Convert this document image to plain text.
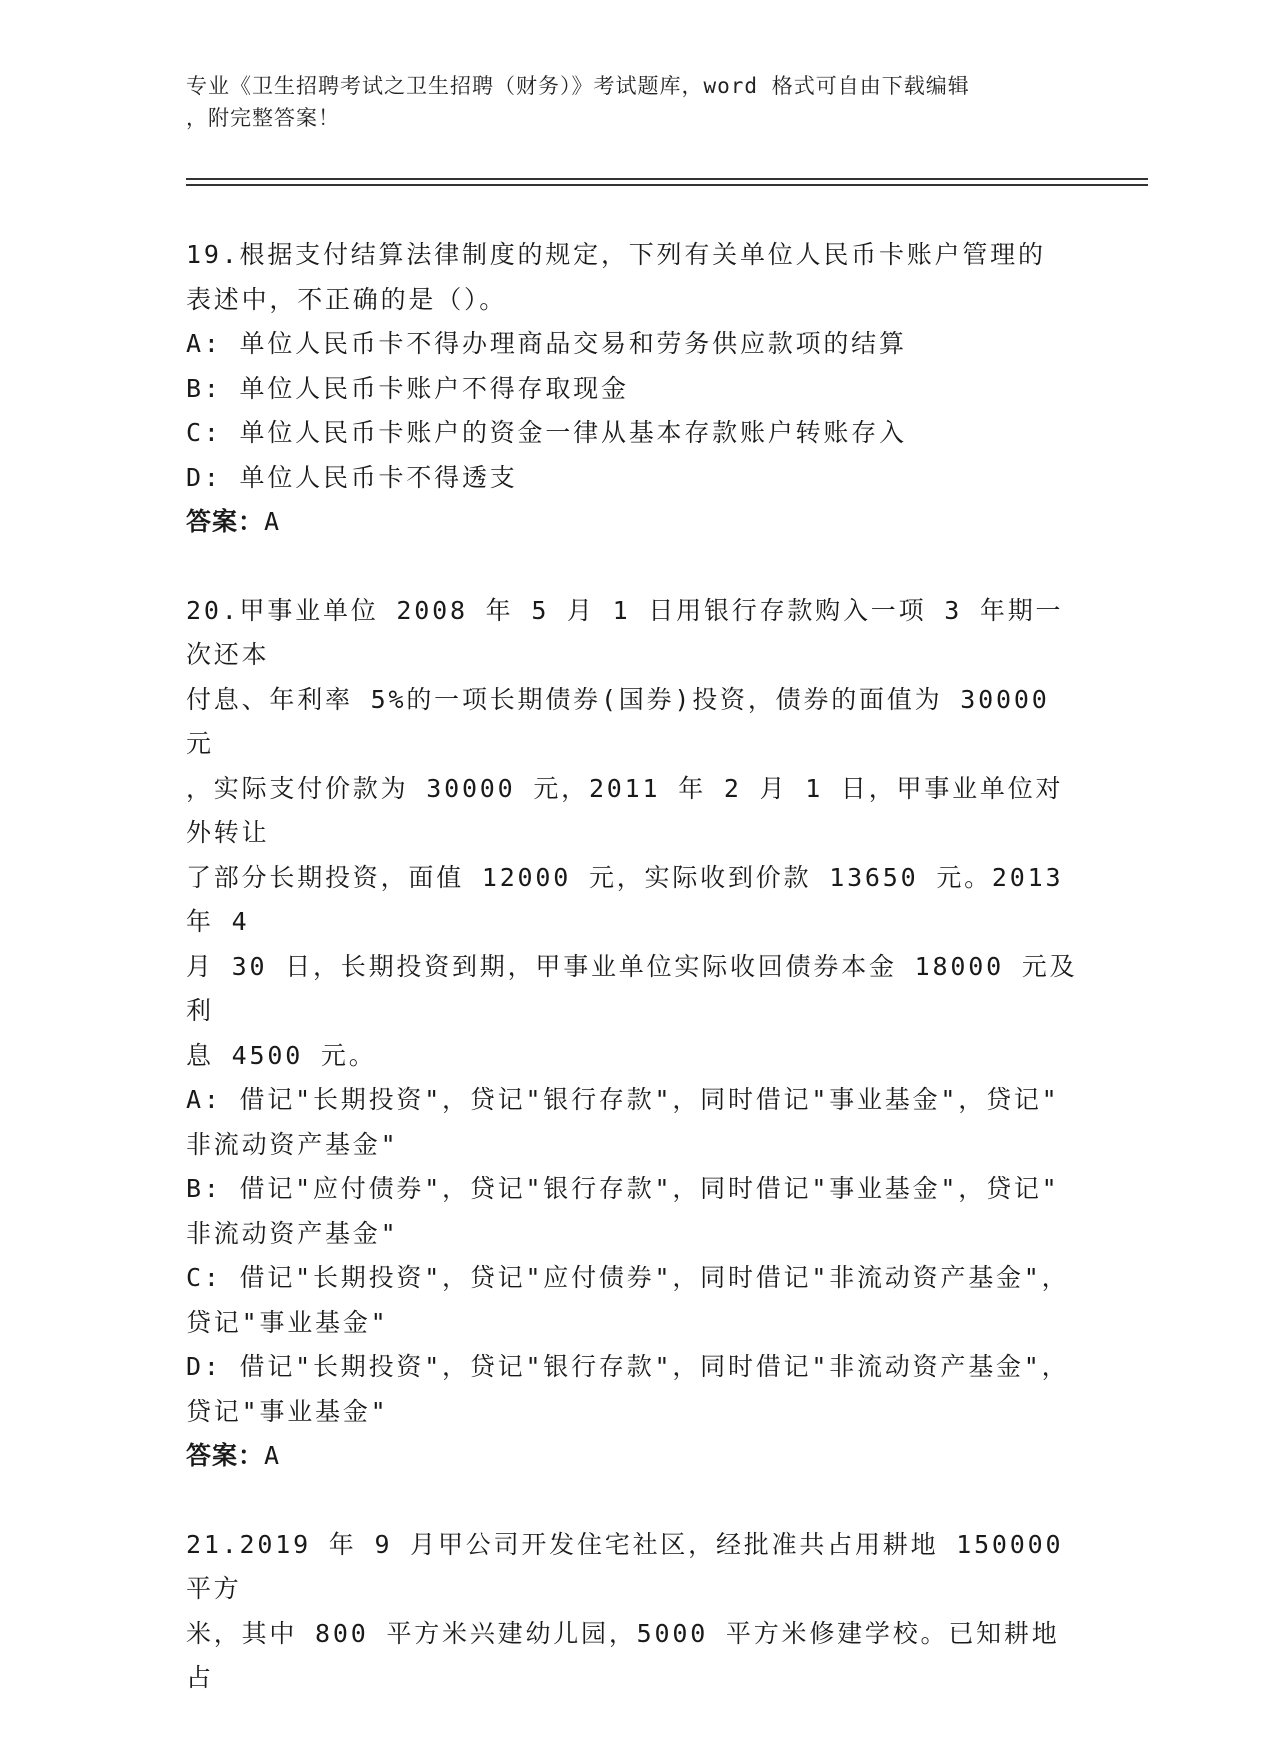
专业《卫生招聘考试之卫生招聘（财务）》考试题库，word 格式可自由下载编辑
，附完整答案！
19.根据支付结算法律制度的规定，下列有关单位人民币卡账户管理的
表述中，不正确的是（）。
A: 单位人民币卡不得办理商品交易和劳务供应款项的结算
B: 单位人民币卡账户不得存取现金
C: 单位人民币卡账户的资金一律从基本存款账户转账存入
D: 单位人民币卡不得透支
答案：A
20.甲事业单位 2008 年 5 月 1 日用银行存款购入一项 3 年期一次还本
付息、年利率 5%的一项长期债券(国券)投资，债券的面值为 30000 元
，实际支付价款为 30000 元，2011 年 2 月 1 日，甲事业单位对外转让
了部分长期投资，面值 12000 元，实际收到价款 13650 元。2013 年 4
月 30 日，长期投资到期，甲事业单位实际收回债券本金 18000 元及利
息 4500 元。
A: 借记"长期投资"，贷记"银行存款"，同时借记"事业基金"，贷记"
非流动资产基金"
B: 借记"应付债券"，贷记"银行存款"，同时借记"事业基金"，贷记"
非流动资产基金"
C: 借记"长期投资"，贷记"应付债券"，同时借记"非流动资产基金"，
贷记"事业基金"
D: 借记"长期投资"，贷记"银行存款"，同时借记"非流动资产基金"，
贷记"事业基金"
答案：A
21.2019 年 9 月甲公司开发住宅社区，经批准共占用耕地 150000 平方
米，其中 800 平方米兴建幼儿园，5000 平方米修建学校。已知耕地占
